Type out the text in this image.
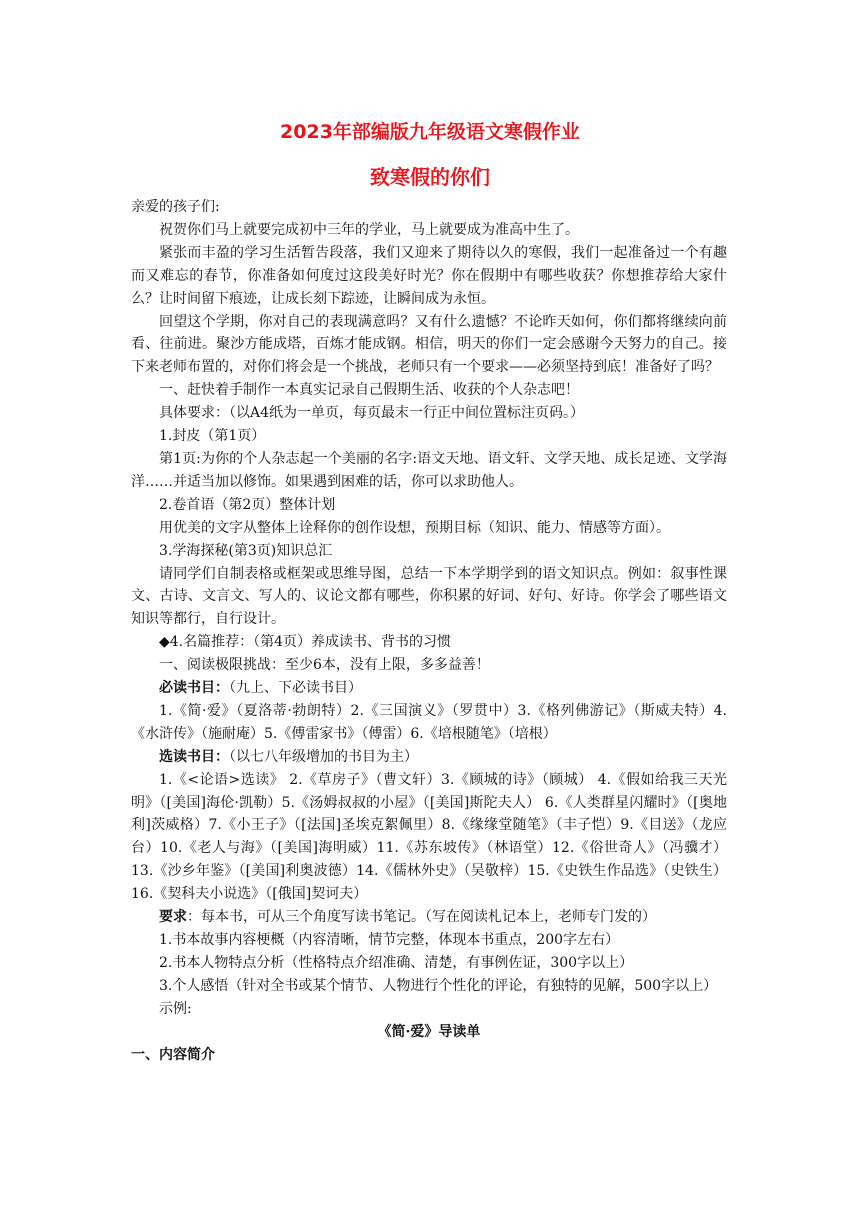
2023年部编版九年级语文寒假作业
致寒假的你们

亲爱的孩子们:

祝贺你们马上就要完成初中三年的学业，马上就要成为准高中生了。

紧张而丰盈的学习生活暂告段落，我们又迎来了期待以久的寒假，我们一起准备过一个有趣而又难忘的春节，你准备如何度过这段美好时光？你在假期中有哪些收获？你想推荐给大家什么？让时间留下痕迹，让成长刻下踪迹，让瞬间成为永恒。

回望这个学期，你对自己的表现满意吗？又有什么遗憾？不论昨天如何，你们都将继续向前看、往前进。聚沙方能成塔，百炼才能成钢。相信，明天的你们一定会感谢今天努力的自己。接下来老师布置的，对你们将会是一个挑战，老师只有一个要求——必须坚持到底！准备好了吗？

一、赶快着手制作一本真实记录自己假期生活、收获的个人杂志吧！

具体要求：（以A4纸为一单页，每页最末一行正中间位置标注页码。）

1.封皮（第1页）

第1页:为你的个人杂志起一个美丽的名字:语文天地、语文轩、文学天地、成长足迹、文学海洋……并适当加以修饰。如果遇到困难的话，你可以求助他人。

2.卷首语（第2页）整体计划

用优美的文字从整体上诠释你的创作设想，预期目标（知识、能力、情感等方面）。

3.学海探秘(第3页)知识总汇

请同学们自制表格或框架或思维导图，总结一下本学期学到的语文知识点。例如：叙事性课文、古诗、文言文、写人的、议论文都有哪些，你积累的好词、好句、好诗。你学会了哪些语文知识等都行，自行设计。

◆4.名篇推荐：（第4页）养成读书、背书的习惯

一、阅读极限挑战：至少6本，没有上限，多多益善！

必读书目：（九上、下必读书目）

1.《简·爱》（夏洛蒂·勃朗特）2.《三国演义》（罗贯中）3.《格列佛游记》（斯威夫特）4.《水浒传》（施耐庵）5.《傅雷家书》（傅雷）6.《培根随笔》（培根）

选读书目：（以七八年级增加的书目为主）

1.《<论语>选读》 2.《草房子》（曹文轩）3.《顾城的诗》（顾城） 4.《假如给我三天光明》（[美国]海伦·凯勒）5.《汤姆叔叔的小屋》（[美国]斯陀夫人） 6.《人类群星闪耀时》（[奥地利]茨威格）7.《小王子》（[法国]圣埃克絮佩里）8.《缘缘堂随笔》（丰子恺）9.《目送》（龙应台）10.《老人与海》（[美国]海明威）11.《苏东坡传》（林语堂）12.《俗世奇人》（冯骥才）13.《沙乡年鉴》（[美国]利奥波德）14.《儒林外史》（吴敬梓）15.《史铁生作品选》（史铁生）16.《契科夫小说选》（[俄国]契诃夫）

要求：每本书，可从三个角度写读书笔记。（写在阅读札记本上，老师专门发的）

1.书本故事内容梗概（内容清晰，情节完整，体现本书重点，200字左右）

2.书本人物特点分析（性格特点介绍准确、清楚，有事例佐证，300字以上）

3.个人感悟（针对全书或某个情节、人物进行个性化的评论，有独特的见解，500字以上）

示例:

《简·爱》导读单

一、内容简介
